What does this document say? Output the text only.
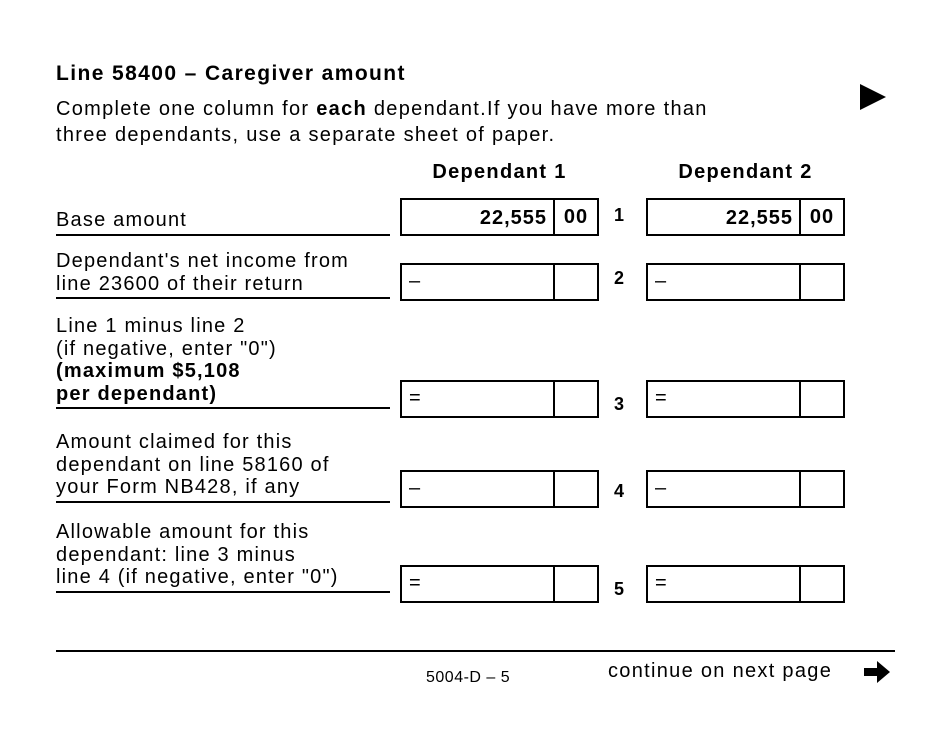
Line 58400 – Caregiver amount
Complete one column for each dependant.If you have more than
three dependants, use a separate sheet of paper.
Dependant 1	Dependant 2
Base amount	22,555 00	1	22,555 00
Dependant's net income from
line 23600 of their return	–	2 –
Line 1 minus line 2
(if negative, enter "0")
(maximum $5,108
per dependant)	=	3 =
Amount claimed for this
dependant on line 58160 of
your Form NB428, if any	–	4 –
Allowable amount for this
dependant: line 3 minus
line 4 (if negative, enter "0")	=	5 =
5004-D – 5	continue on next page
